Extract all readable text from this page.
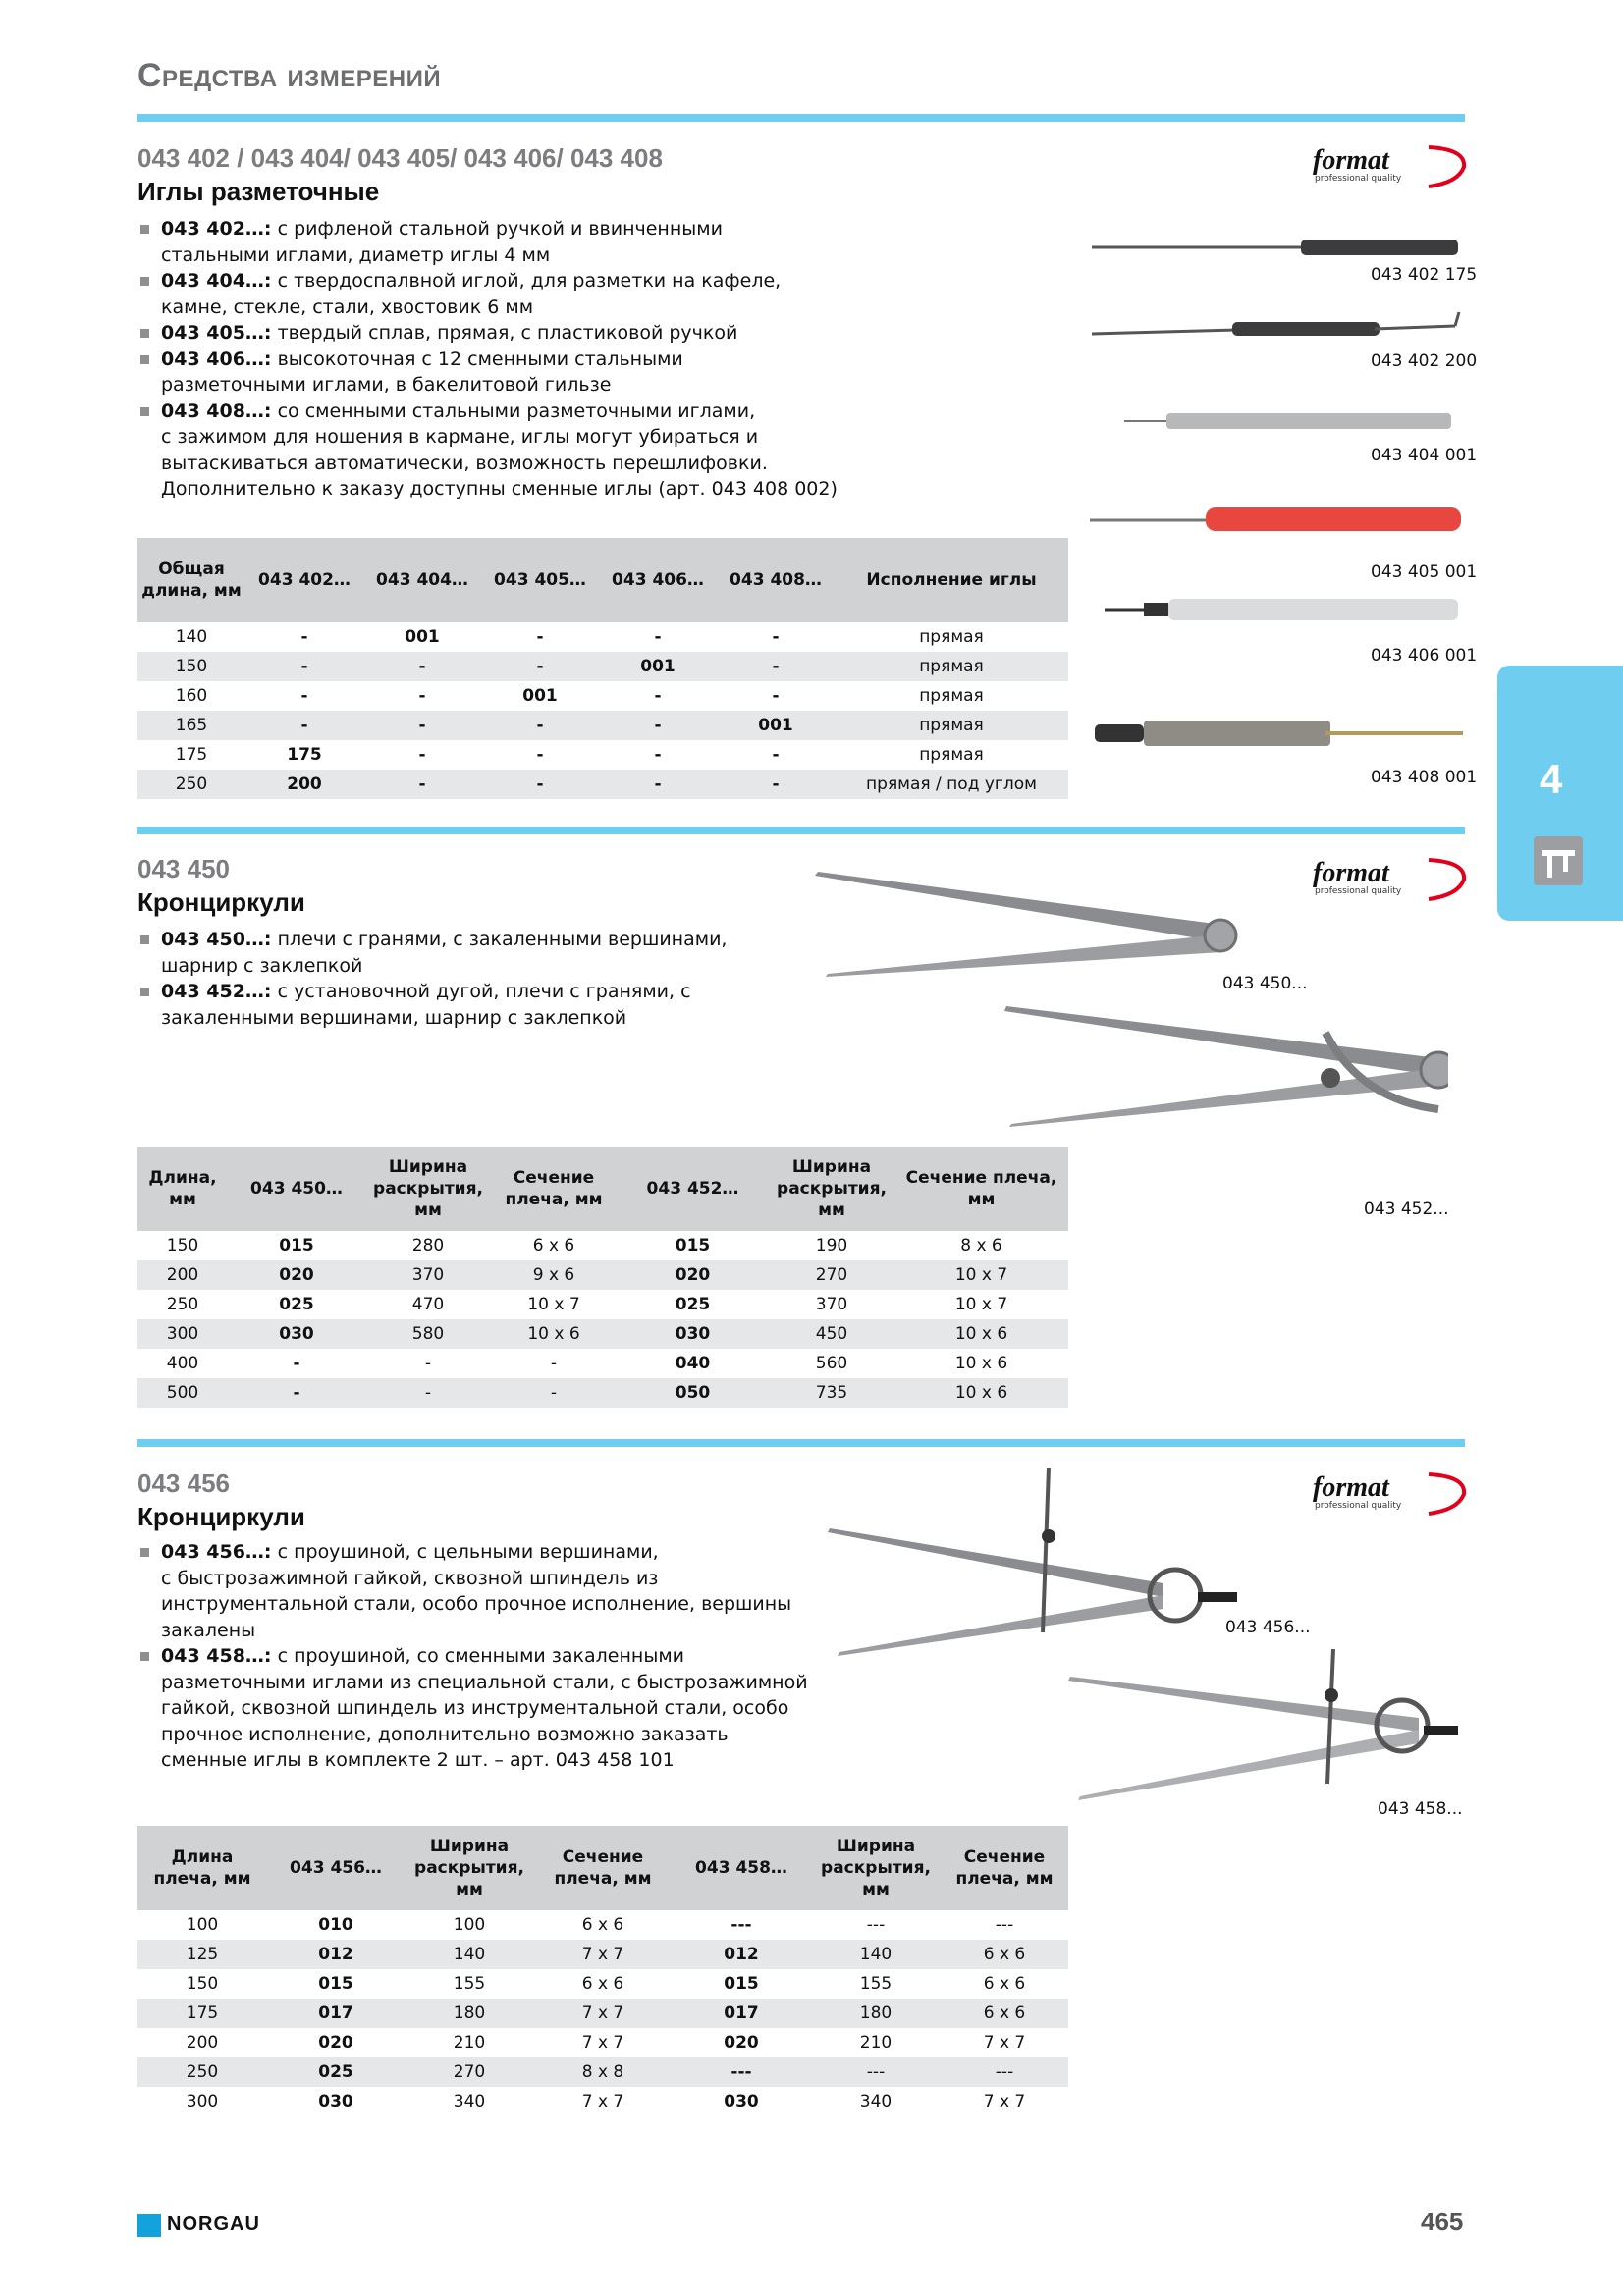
Средства измерений
043 402 / 043 404/ 043 405/ 043 406/ 043 408
Иглы разметочные
format
professional quality
043 402…: с рифленой стальной ручкой и ввинченными
стальными иглами, диаметр иглы 4 мм
043 404…: с твердоспалвной иглой, для разметки на кафеле,
камне, стекле, стали, хвостовик 6 мм
043 405…: твердый сплав, прямая, с пластиковой ручкой
043 406…: высокоточная с 12 сменными стальными
разметочными иглами, в бакелитовой гильзе
043 408…: со сменными стальными разметочными иглами,
с зажимом для ношения в кармане, иглы могут убираться и
вытаскиваться автоматически, возможность перешлифовки.
Дополнительно к заказу доступны сменные иглы (арт. 043 408 002)
Общая длина, мм	043 402…	043 404…	043 405…	043 406…	043 408…	Исполнение иглы
140	-	001	-	-	-	прямая
150	-	-	-	001	-	прямая
160	-	-	001	-	-	прямая
165	-	-	-	-	001	прямая
175	175	-	-	-	-	прямая
250	200	-	-	-	-	прямая / под углом
043 402 175
043 402 200
043 404 001
043 405 001
043 406 001
043 408 001
043 450
Кронциркули
format
professional quality
043 450…: плечи с гранями, с закаленными вершинами,
шарнир с заклепкой
043 452…: с установочной дугой, плечи с гранями, с
закаленными вершинами, шарнир с заклепкой
043 450...
043 452...
Длина, мм	043 450…	Ширина раскрытия, мм	Сечение плеча, мм	043 452…	Ширина раскрытия, мм	Сечение плеча, мм
150	015	280	6 x 6	015	190	8 x 6
200	020	370	9 x 6	020	270	10 x 7
250	025	470	10 x 7	025	370	10 x 7
300	030	580	10 x 6	030	450	10 x 6
400	-	-	-	040	560	10 x 6
500	-	-	-	050	735	10 x 6
043 456
Кронциркули
format
professional quality
043 456…: с проушиной, с цельными вершинами,
с быстрозажимной гайкой, сквозной шпиндель из
инструментальной стали, особо прочное исполнение, вершины
закалены
043 458…: с проушиной, со сменными закаленными
разметочными иглами из специальной стали, с быстрозажимной
гайкой, сквозной шпиндель из инструментальной стали, особо
прочное исполнение, дополнительно возможно заказать
сменные иглы в комплекте 2 шт. – арт. 043 458 101
043 456...
043 458...
Длина плеча, мм	043 456…	Ширина раскрытия, мм	Сечение плеча, мм	043 458…	Ширина раскрытия, мм	Сечение плеча, мм
100	010	100	6 x 6	---	---	---
125	012	140	7 x 7	012	140	6 x 6
150	015	155	6 x 6	015	155	6 x 6
175	017	180	7 x 7	017	180	6 x 6
200	020	210	7 x 7	020	210	7 x 7
250	025	270	8 x 8	---	---	---
300	030	340	7 x 7	030	340	7 x 7
4
NORGAU	465
